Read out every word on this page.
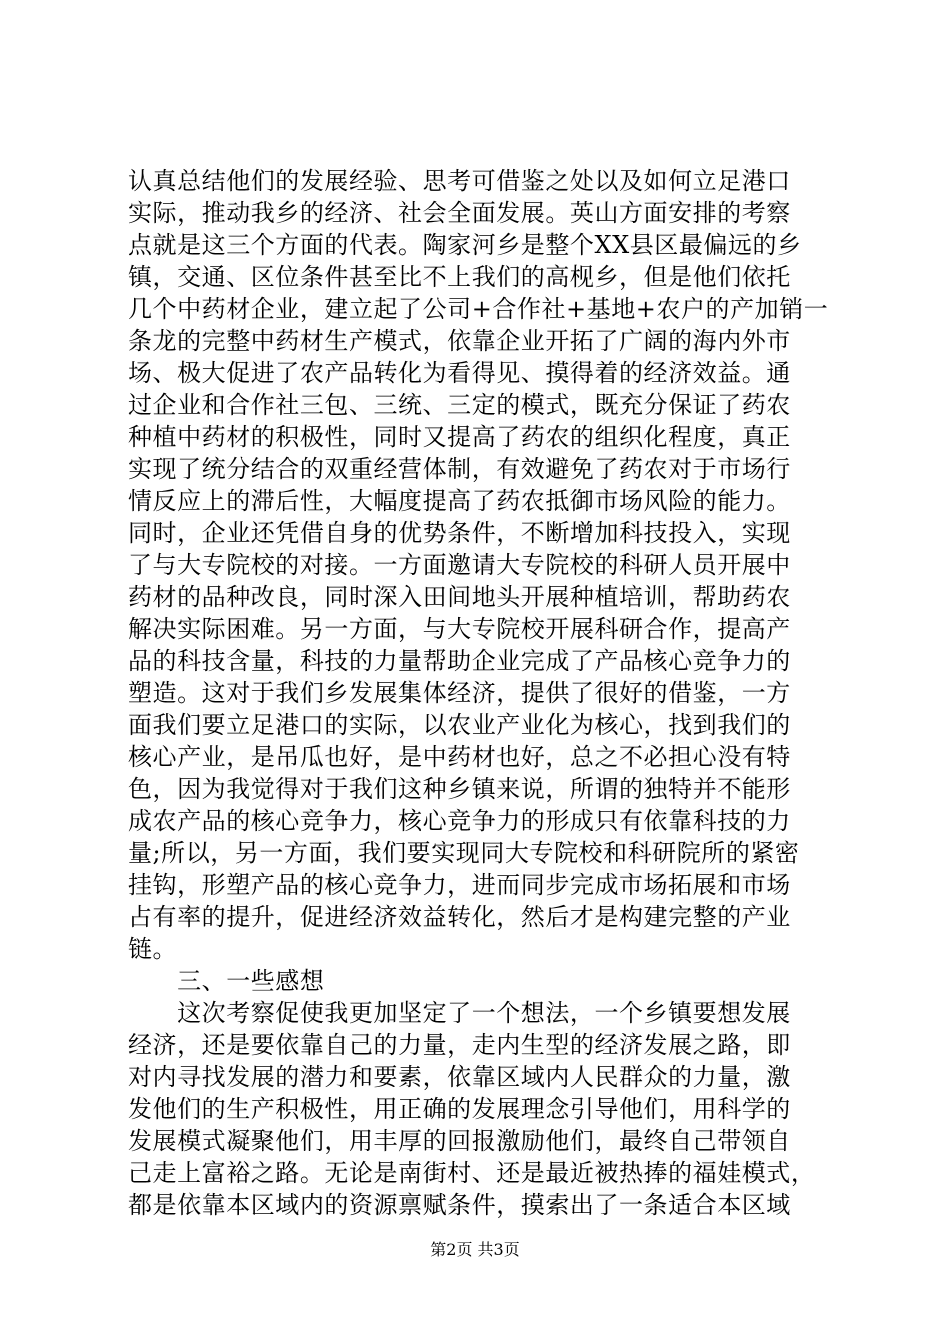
认真总结他们的发展经验、思考可借鉴之处以及如何立足港口
实际，推动我乡的经济、社会全面发展。英山方面安排的考察
点就是这三个方面的代表。陶家河乡是整个XX县区最偏远的乡
镇，交通、区位条件甚至比不上我们的高枧乡，但是他们依托
几个中药材企业，建立起了公司+合作社+基地+农户的产加销一
条龙的完整中药材生产模式，依靠企业开拓了广阔的海内外市
场、极大促进了农产品转化为看得见、摸得着的经济效益。通
过企业和合作社三包、三统、三定的模式，既充分保证了药农
种植中药材的积极性，同时又提高了药农的组织化程度，真正
实现了统分结合的双重经营体制，有效避免了药农对于市场行
情反应上的滞后性，大幅度提高了药农抵御市场风险的能力。
同时，企业还凭借自身的优势条件，不断增加科技投入，实现
了与大专院校的对接。一方面邀请大专院校的科研人员开展中
药材的品种改良，同时深入田间地头开展种植培训，帮助药农
解决实际困难。另一方面，与大专院校开展科研合作，提高产
品的科技含量，科技的力量帮助企业完成了产品核心竞争力的
塑造。这对于我们乡发展集体经济，提供了很好的借鉴，一方
面我们要立足港口的实际，以农业产业化为核心，找到我们的
核心产业，是吊瓜也好，是中药材也好，总之不必担心没有特
色，因为我觉得对于我们这种乡镇来说，所谓的独特并不能形
成农产品的核心竞争力，核心竞争力的形成只有依靠科技的力
量;所以，另一方面，我们要实现同大专院校和科研院所的紧密
挂钩，形塑产品的核心竞争力，进而同步完成市场拓展和市场
占有率的提升，促进经济效益转化，然后才是构建完整的产业
链。
　　三、一些感想
　　这次考察促使我更加坚定了一个想法，一个乡镇要想发展
经济，还是要依靠自己的力量，走内生型的经济发展之路，即
对内寻找发展的潜力和要素，依靠区域内人民群众的力量，激
发他们的生产积极性，用正确的发展理念引导他们，用科学的
发展模式凝聚他们，用丰厚的回报激励他们，最终自己带领自
己走上富裕之路。无论是南街村、还是最近被热捧的福娃模式，
都是依靠本区域内的资源禀赋条件，摸索出了一条适合本区域
第2页 共3页
